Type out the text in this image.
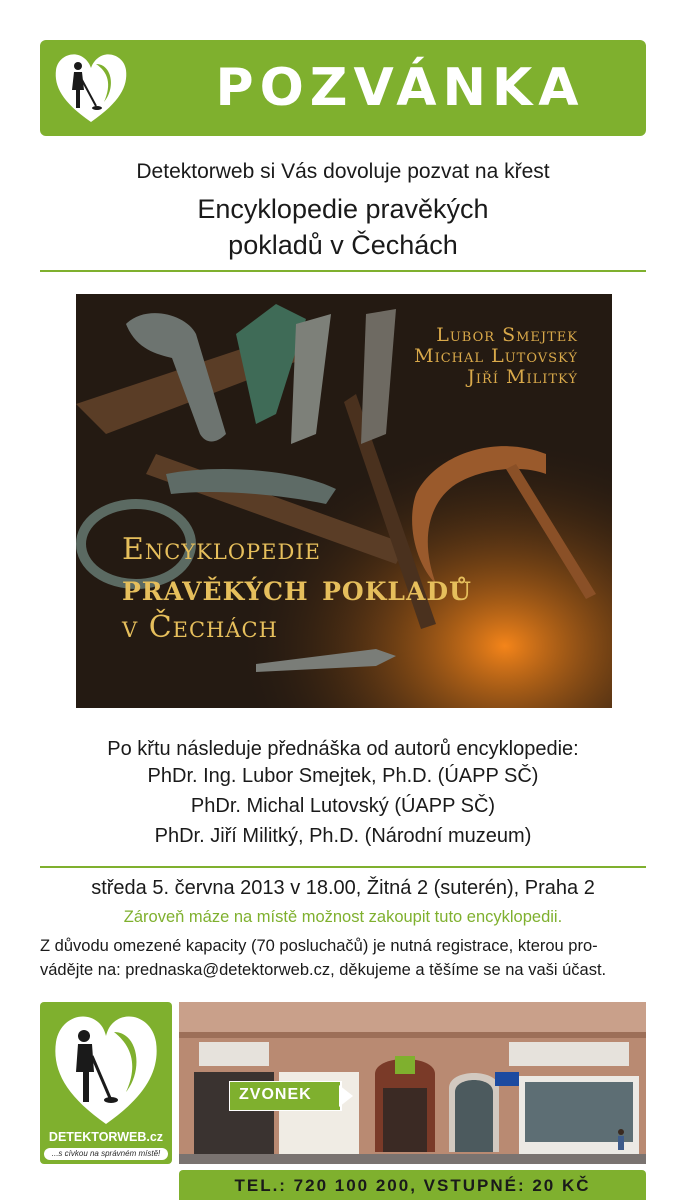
POZVÁNKA
Detektorweb si Vás dovoluje pozvat na křest
Encyklopedie pravěkých
pokladů v Čechách
Lubor Smejtek
Michal Lutovský
Jiří Militký
Encyklopedie
pravěkých pokladů
v Čechách
Po křtu následuje přednáška od autorů encyklopedie:
PhDr. Ing. Lubor Smejtek, Ph.D. (ÚAPP SČ)
PhDr. Michal Lutovský (ÚAPP SČ)
PhDr. Jiří Militký, Ph.D. (Národní muzeum)
středa 5. června 2013 v 18.00, Žitná 2 (suterén), Praha 2
Zároveň máze na místě možnost zakoupit tuto encyklopedii.
Z důvodu omezené kapacity (70 posluchačů) je nutná registrace, kterou pro-
vádějte na: prednaska@detektorweb.cz, děkujeme a těšíme se na vaši účast.
DETEKTORWEB.cz
...s cívkou na správném místě!
ZVONEK
TEL.: 720 100 200, VSTUPNÉ: 20 KČ
